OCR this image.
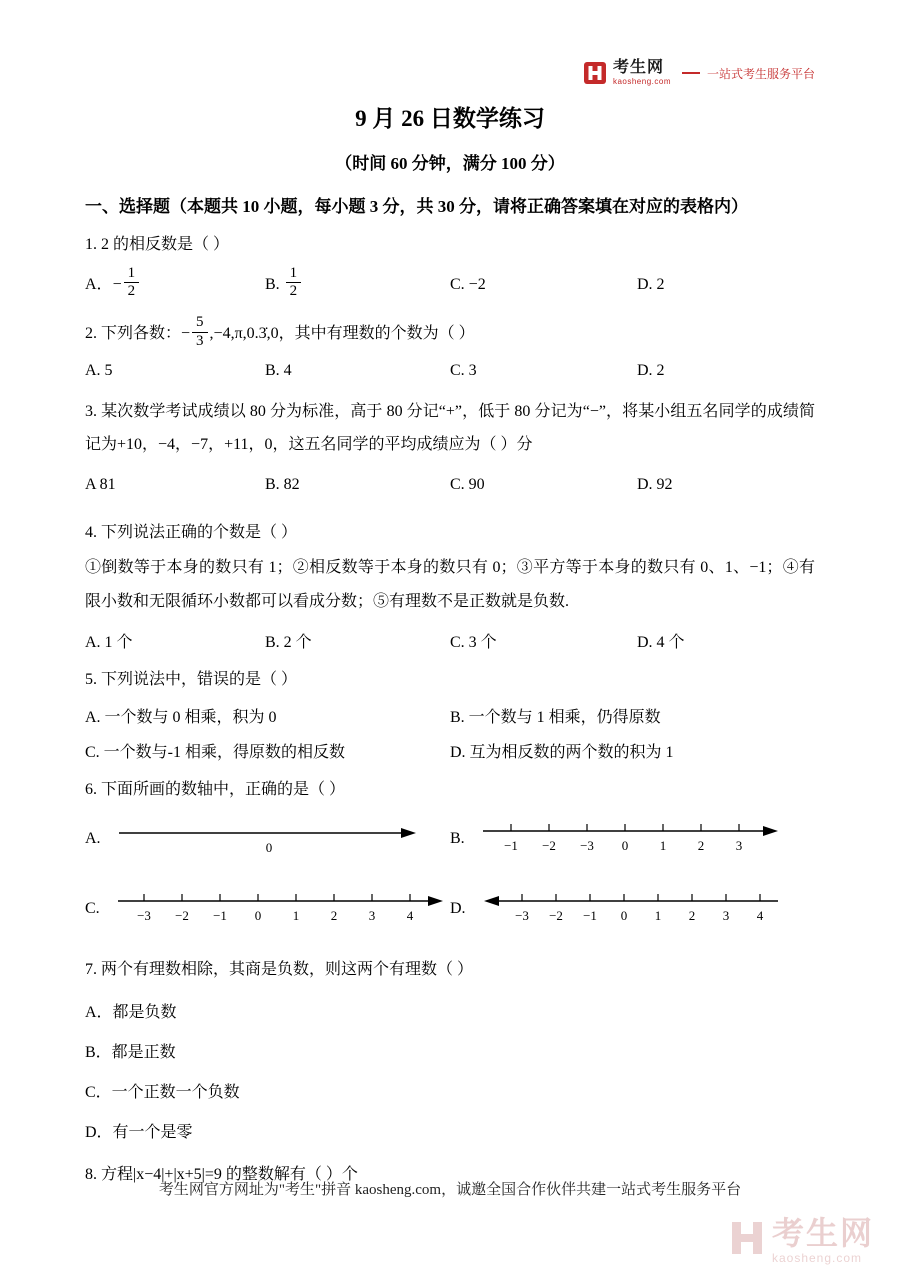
考生网
kaosheng.com
一站式考生服务平台
9 月 26 日数学练习
（时间 60 分钟，满分 100 分）
一、选择题（本题共 10 小题，每小题 3 分，共 30 分，请将正确答案填在对应的表格内）
1. 2 的相反数是（ ）
A．− $\frac{1}{2}$	B. $\frac{1}{2}$	C. −2	D. 2
2. 下列各数：− $\frac{5}{3}$ ,−4,π,0.3̇,0，其中有理数的个数为（ ）
A. 5	B. 4	C. 3	D. 2
3. 某次数学考试成绩以 80 分为标准，高于 80 分记“+”，低于 80 分记为“−”，将某小组五名同学的成绩简记为+10，−4，−7，+11，0，这五名同学的平均成绩应为（ ）分
A 81	B. 82	C. 90	D. 92
4. 下列说法正确的个数是（ ）
①倒数等于本身的数只有 1；②相反数等于本身的数只有 0；③平方等于本身的数只有 0、1、−1；④有限小数和无限循环小数都可以看成分数；⑤有理数不是正数就是负数.
A. 1 个	B. 2 个	C. 3 个	D. 4 个
5. 下列说法中，错误的是（ ）
A. 一个数与 0 相乘，积为 0	B. 一个数与 1 相乘，仍得原数
C. 一个数与-1 相乘，得原数的相反数	D. 互为相反数的两个数的积为 1
6. 下面所画的数轴中，正确的是（ ）
A.
0
B.	−1 −2 −3 0 1 2 3
C.	−3 −2 −1 0 1 2 3 4 D.	−3 −2 −1 0 1 2 3 4
7. 两个有理数相除，其商是负数，则这两个有理数（ ）
A．都是负数
B．都是正数
C．一个正数一个负数
D．有一个是零
8. 方程|x−4|+|x+5|=9 的整数解有（ ）个
考生网官方网址为"考生"拼音 kaosheng.com，诚邀全国合作伙伴共建一站式考生服务平台
考生网
kaosheng.com
